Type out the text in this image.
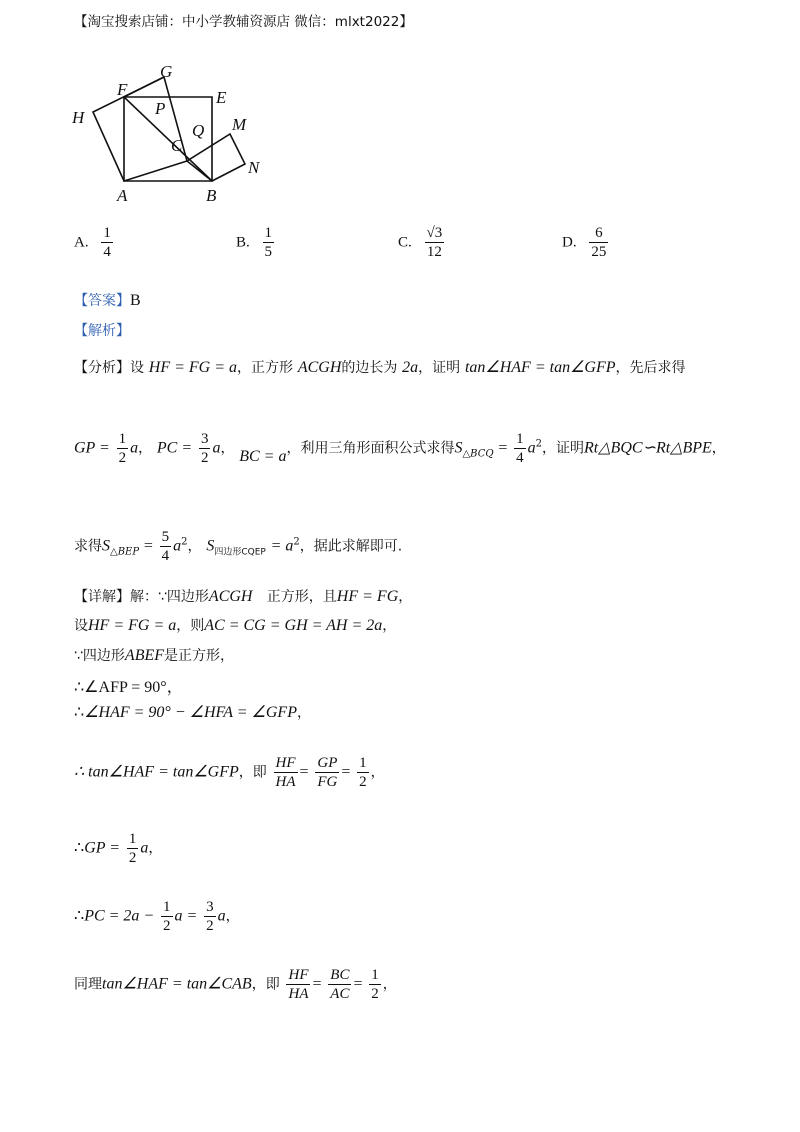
【淘宝搜索店铺：中小学教辅资源店 微信：mlxt2022】
H
F
G
P
E
Q M
C
N
A	B
A. $\frac{1}{4}$	B. $\frac{1}{5}$	C. $\frac{√3}{12}$	D. $\frac{6}{25}$
【答案】B
【解析】
【分析】设 HF = FG = a，正方形 ACGH的边长为 2a，证明 tan∠HAF = tan∠GFP，先后求得
GP = $\frac{1}{2}$ a， PC = $\frac{3}{2}$ a， BC = a，利用三角形面积公式求得$S_{\triangle BCQ} = \frac{1}{4} a^2$，证明Rt△BQC∽Rt△BPE，
求得$S_{\triangle BEP} = \frac{5}{4} a^2$， $S_{四边形CQEP} = a^2$，据此求解即可.
【详解】解：∵四边形ACGH 正方形，且HF = FG，
设HF = FG = a，则AC = CG = GH = AH = 2a，
∵四边形ABEF是正方形，
∴∠AFP = 90°，
∴∠HAF = 90° − ∠HFA = ∠GFP，
∴ tan∠HAF = tan∠GFP，即 $\frac{HF}{HA} = \frac{GP}{FG} = \frac{1}{2}$ ，
∴GP = $\frac{1}{2}$ a，
∴PC = $2a - \frac{1}{2}$ $a = \frac{3}{2}$ a，
同理tan∠HAF = tan∠CAB，即 $\frac{HF}{HA} = \frac{BC}{AC} = \frac{1}{2}$ ，
